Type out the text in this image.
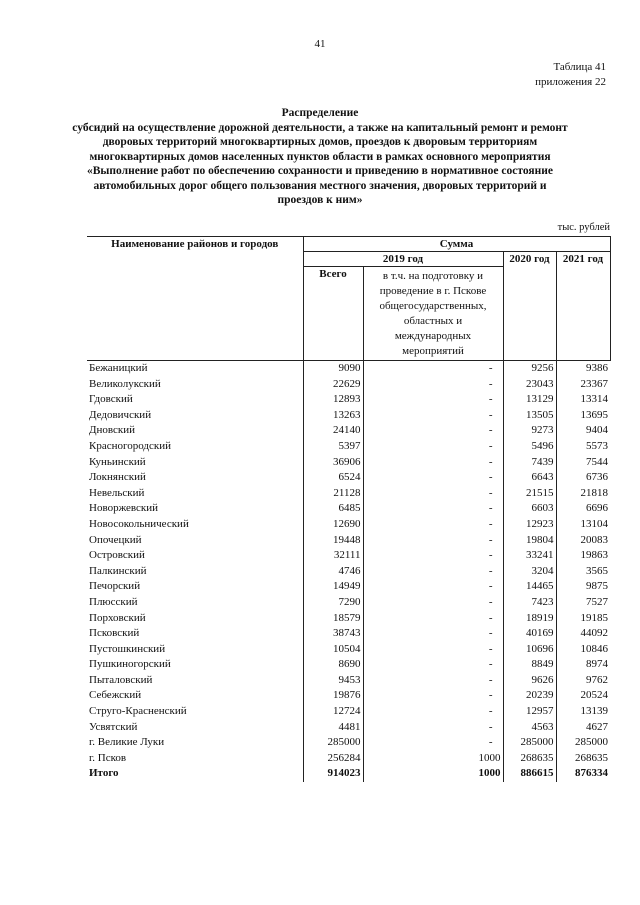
41
Таблица 41
приложения 22
Распределение
субсидий на осуществление дорожной деятельности, а также на капитальный ремонт и ремонт дворовых территорий многоквартирных домов, проездов к дворовым территориям многоквартирных домов населенных пунктов области в рамках основного мероприятия «Выполнение работ по обеспечению сохранности и приведению в нормативное состояние автомобильных дорог общего пользования местного значения, дворовых территорий и проездов к ним»
тыс. рублей
Наименование районов и городов	Сумма			
	2019 год		2020 год	2021 год
	Всего	в т.ч. на подготовку и проведение в г. Пскове общегосударственных, областных и международных мероприятий		
Бежаницкий	9090	-	9256	9386
Великолукский	22629	-	23043	23367
Гдовский	12893	-	13129	13314
Дедовичский	13263	-	13505	13695
Дновский	24140	-	9273	9404
Красногородский	5397	-	5496	5573
Куньинский	36906	-	7439	7544
Локнянский	6524	-	6643	6736
Невельский	21128	-	21515	21818
Новоржевский	6485	-	6603	6696
Новосокольнический	12690	-	12923	13104
Опочецкий	19448	-	19804	20083
Островский	32111	-	33241	19863
Палкинский	4746	-	3204	3565
Печорский	14949	-	14465	9875
Плюсский	7290	-	7423	7527
Порховский	18579	-	18919	19185
Псковский	38743	-	40169	44092
Пустошкинский	10504	-	10696	10846
Пушкиногорский	8690	-	8849	8974
Пыталовский	9453	-	9626	9762
Себежский	19876	-	20239	20524
Струго-Красненский	12724	-	12957	13139
Усвятский	4481	-	4563	4627
г. Великие Луки	285000	-	285000	285000
г. Псков	256284	1000	268635	268635
Итого	914023	1000	886615	876334
